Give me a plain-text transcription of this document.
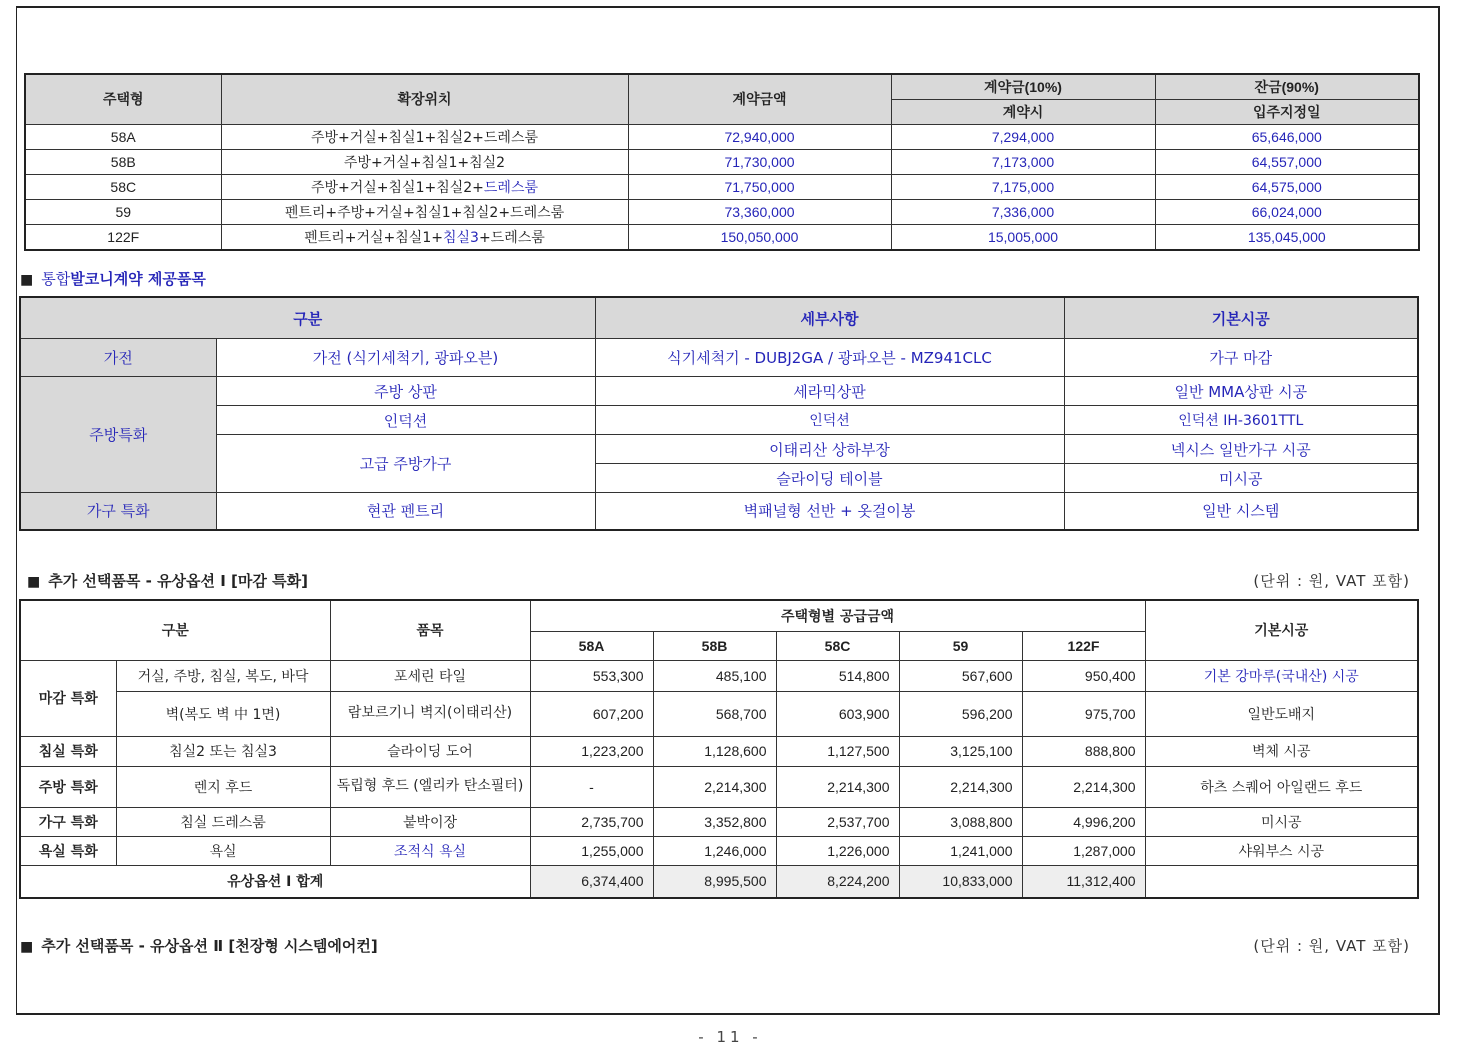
주택형	확장위치	계약금액	계약금(10%)	잔금(90%)
			계약시	입주지정일
58A	주방+거실+침실1+침실2+드레스룸	72,940,000	7,294,000	65,646,000
58B	주방+거실+침실1+침실2	71,730,000	7,173,000	64,557,000
58C	주방+거실+침실1+침실2+드레스룸	71,750,000	7,175,000	64,575,000
59	펜트리+주방+거실+침실1+침실2+드레스룸	73,360,000	7,336,000	66,024,000
122F	펜트리+거실+침실1+침실3+드레스룸	150,050,000	15,005,000	135,045,000
■ 통합발코니계약 제공품목
구분		세부사항	기본시공
가전	가전 (식기세척기, 광파오븐)	식기세척기 - DUBJ2GA / 광파오븐 - MZ941CLC	가구 마감
주방특화	주방 상판	세라믹상판	일반 MMA상판 시공
	인덕션	인덕션	인덕션 IH-3601TTL
	고급 주방가구	이태리산 상하부장	넥시스 일반가구 시공
		슬라이딩 테이블	미시공
가구 특화	현관 펜트리	벽패널형 선반 + 옷걸이봉	일반 시스템
■ 추가 선택품목 - 유상옵션 Ⅰ [마감 특화]	(단위 : 원, VAT 포함)
구분		품목	주택형별 공급금액					기본시공
			58A	58B	58C	59	122F	
마감 특화	거실, 주방, 침실, 복도, 바닥	포세린 타일	553,300	485,100	514,800	567,600	950,400	기본 강마루(국내산) 시공
	벽(복도 벽 中 1면)	람보르기니 벽지(이태리산)	607,200	568,700	603,900	596,200	975,700	일반도배지
침실 특화	침실2 또는 침실3	슬라이딩 도어	1,223,200	1,128,600	1,127,500	3,125,100	888,800	벽체 시공
주방 특화	렌지 후드	독립형 후드 (엘리카 탄소필터)	-	2,214,300	2,214,300	2,214,300	2,214,300	하츠 스퀘어 아일랜드 후드
가구 특화	침실 드레스룸	붙박이장	2,735,700	3,352,800	2,537,700	3,088,800	4,996,200	미시공
욕실 특화	욕실	조적식 욕실	1,255,000	1,246,000	1,226,000	1,241,000	1,287,000	샤워부스 시공
유상옵션 Ⅰ 합계			6,374,400	8,995,500	8,224,200	10,833,000	11,312,400	
■ 추가 선택품목 - 유상옵션 Ⅱ [천장형 시스템에어컨]	(단위 : 원, VAT 포함)
- 11 -
